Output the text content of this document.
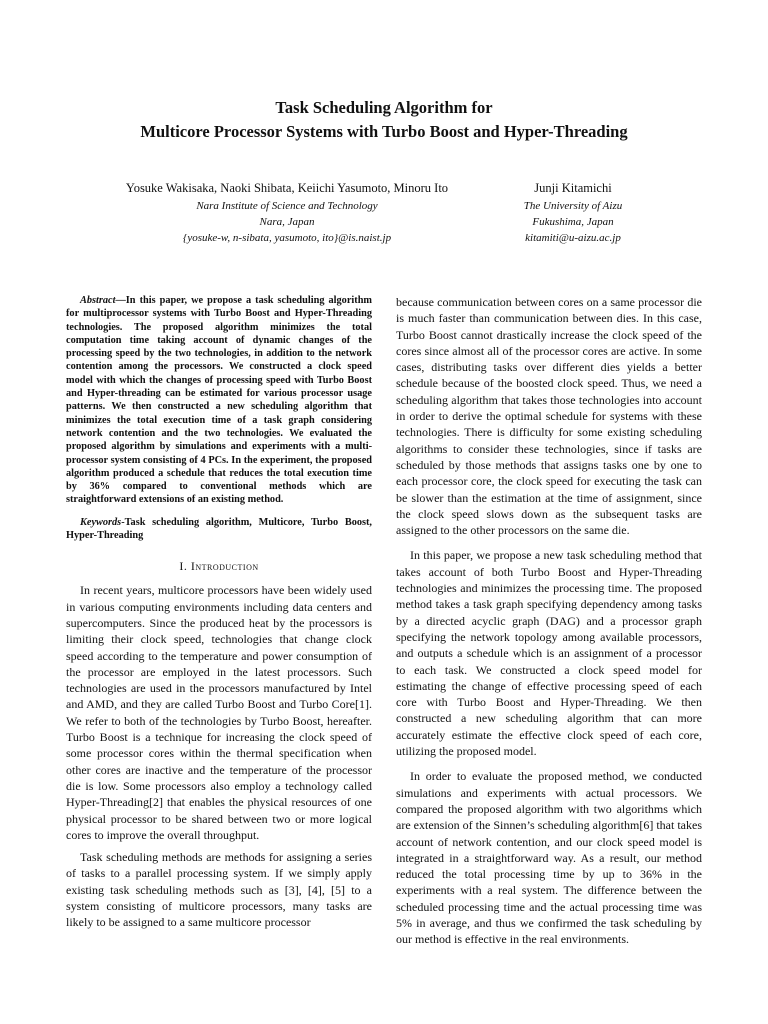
Task Scheduling Algorithm for
Multicore Processor Systems with Turbo Boost and Hyper-Threading
Yosuke Wakisaka, Naoki Shibata, Keiichi Yasumoto, Minoru Ito
Nara Institute of Science and Technology
Nara, Japan
{yosuke-w, n-sibata, yasumoto, ito}@is.naist.jp
Junji Kitamichi
The University of Aizu
Fukushima, Japan
kitamiti@u-aizu.ac.jp

Abstract—In this paper, we propose a task scheduling algorithm for multiprocessor systems with Turbo Boost and Hyper-Threading technologies. The proposed algorithm minimizes the total computation time taking account of dynamic changes of the processing speed by the two technologies, in addition to the network contention among the processors. We constructed a clock speed model with which the changes of processing speed with Turbo Boost and Hyper-threading can be estimated for various processor usage patterns. We then constructed a new scheduling algorithm that minimizes the total execution time of a task graph considering network contention and the two technologies. We evaluated the proposed algorithm by simulations and experiments with a multi-processor system consisting of 4 PCs. In the experiment, the proposed algorithm produced a schedule that reduces the total execution time by 36% compared to conventional methods which are straightforward extensions of an existing method.

Keywords-Task scheduling algorithm, Multicore, Turbo Boost, Hyper-Threading

I. Introduction

In recent years, multicore processors have been widely used in various computing environments including data centers and supercomputers. Since the produced heat by the processors is limiting their clock speed, technologies that change clock speed according to the temperature and power consumption of the processor are employed in the latest processors. Such technologies are used in the processors manufactured by Intel and AMD, and they are called Turbo Boost and Turbo Core[1]. We refer to both of the technologies by Turbo Boost, hereafter. Turbo Boost is a technique for increasing the clock speed of some processor cores within the thermal specification when other cores are inactive and the temperature of the processor die is low. Some processors also employ a technology called Hyper-Threading[2] that enables the physical resources of one physical processor to be shared between two or more logical cores to improve the overall throughput.

Task scheduling methods are methods for assigning a series of tasks to a parallel processing system. If we simply apply existing task scheduling methods such as [3], [4], [5] to a system consisting of multicore processors, many tasks are likely to be assigned to a same multicore processor

because communication between cores on a same processor die is much faster than communication between dies. In this case, Turbo Boost cannot drastically increase the clock speed of the cores since almost all of the processor cores are active. In some cases, distributing tasks over different dies yields a better schedule because of the boosted clock speed. Thus, we need a scheduling algorithm that takes those technologies into account in order to derive the optimal schedule for systems with these technologies. There is difficulty for some existing scheduling algorithms to consider these technologies, since if tasks are scheduled by those methods that assigns tasks one by one to each processor core, the clock speed for executing the task can be slower than the estimation at the time of assignment, since the clock speed slows down as the subsequent tasks are assigned to the other processors on the same die.

In this paper, we propose a new task scheduling method that takes account of both Turbo Boost and Hyper-Threading technologies and minimizes the processing time. The proposed method takes a task graph specifying dependency among tasks by a directed acyclic graph (DAG) and a processor graph specifying the network topology among available processors, and outputs a schedule which is an assignment of a processor to each task. We constructed a clock speed model for estimating the change of effective processing speed of each core with Turbo Boost and Hyper-Threading. We then constructed a new scheduling algorithm that can more accurately estimate the effective clock speed of each core, utilizing the proposed model.

In order to evaluate the proposed method, we conducted simulations and experiments with actual processors. We compared the proposed algorithm with two algorithms which are extension of the Sinnen’s scheduling algorithm[6] that takes account of network contention, and our clock speed model is integrated in a straightforward way. As a result, our method reduced the total processing time by up to 36% in the experiments with a real system. The difference between the scheduled processing time and the actual processing time was 5% in average, and thus we confirmed the task scheduling by our method is effective in the real environments.
